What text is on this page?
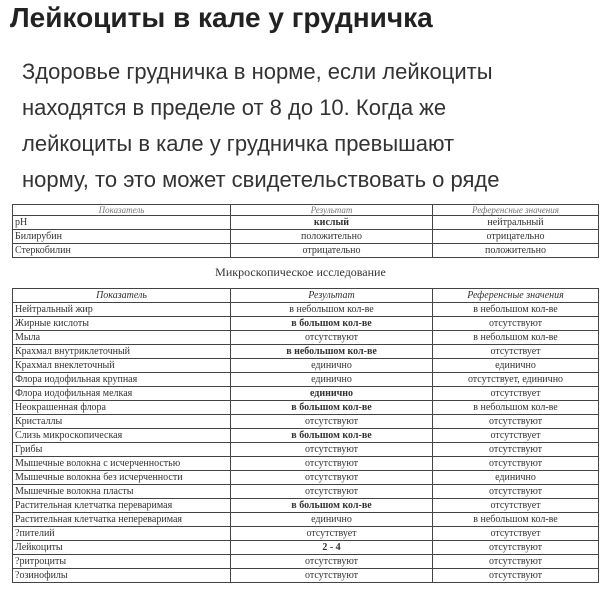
Лейкоциты в кале у грудничка
Здоровье грудничка в норме, если лейкоциты
находятся в пределе от 8 до 10. Когда же
лейкоциты в кале у грудничка превышают
норму, то это может свидетельствовать о ряде
Показатель	Результат	Референсные значения
pH	кислый	нейтральный
Билирубин	положительно	отрицательно
Стеркобилин	отрицательно	положительно
Микроскопическое исследование
Показатель	Результат	Референсные значения
Нейтральный жир	в небольшом кол-ве	в небольшом кол-ве
Жирные кислоты	в большом кол-ве	отсутствуют
Мыла	отсутствуют	в небольшом кол-ве
Крахмал внутриклеточный	в небольшом кол-ве	отсутствует
Крахмал внеклеточный	единично	единично
Флора иодофильная крупная	единично	отсутствует, единично
Флора иодофильная мелкая	единично	отсутствует
Неокрашенная флора	в большом кол-ве	в небольшом кол-ве
Кристаллы	отсутствуют	отсутствуют
Слизь микроскопическая	в большом кол-ве	отсутствует
Грибы	отсутствуют	отсутствуют
Мышечные волокна с исчерченностью	отсутствуют	отсутствуют
Мышечные волокна без исчерченности	отсутствуют	единично
Мышечные волокна пласты	отсутствуют	отсутствуют
Растительная клетчатка переваримая	в большом кол-ве	отсутствует
Растительная клетчатка непереваримая	единично	в небольшом кол-ве
?пителий	отсутствует	отсутствует
Лейкоциты	2 - 4	отсутствуют
?ритроциты	отсутствуют	отсутствуют
?озинофилы	отсутствуют	отсутствуют
